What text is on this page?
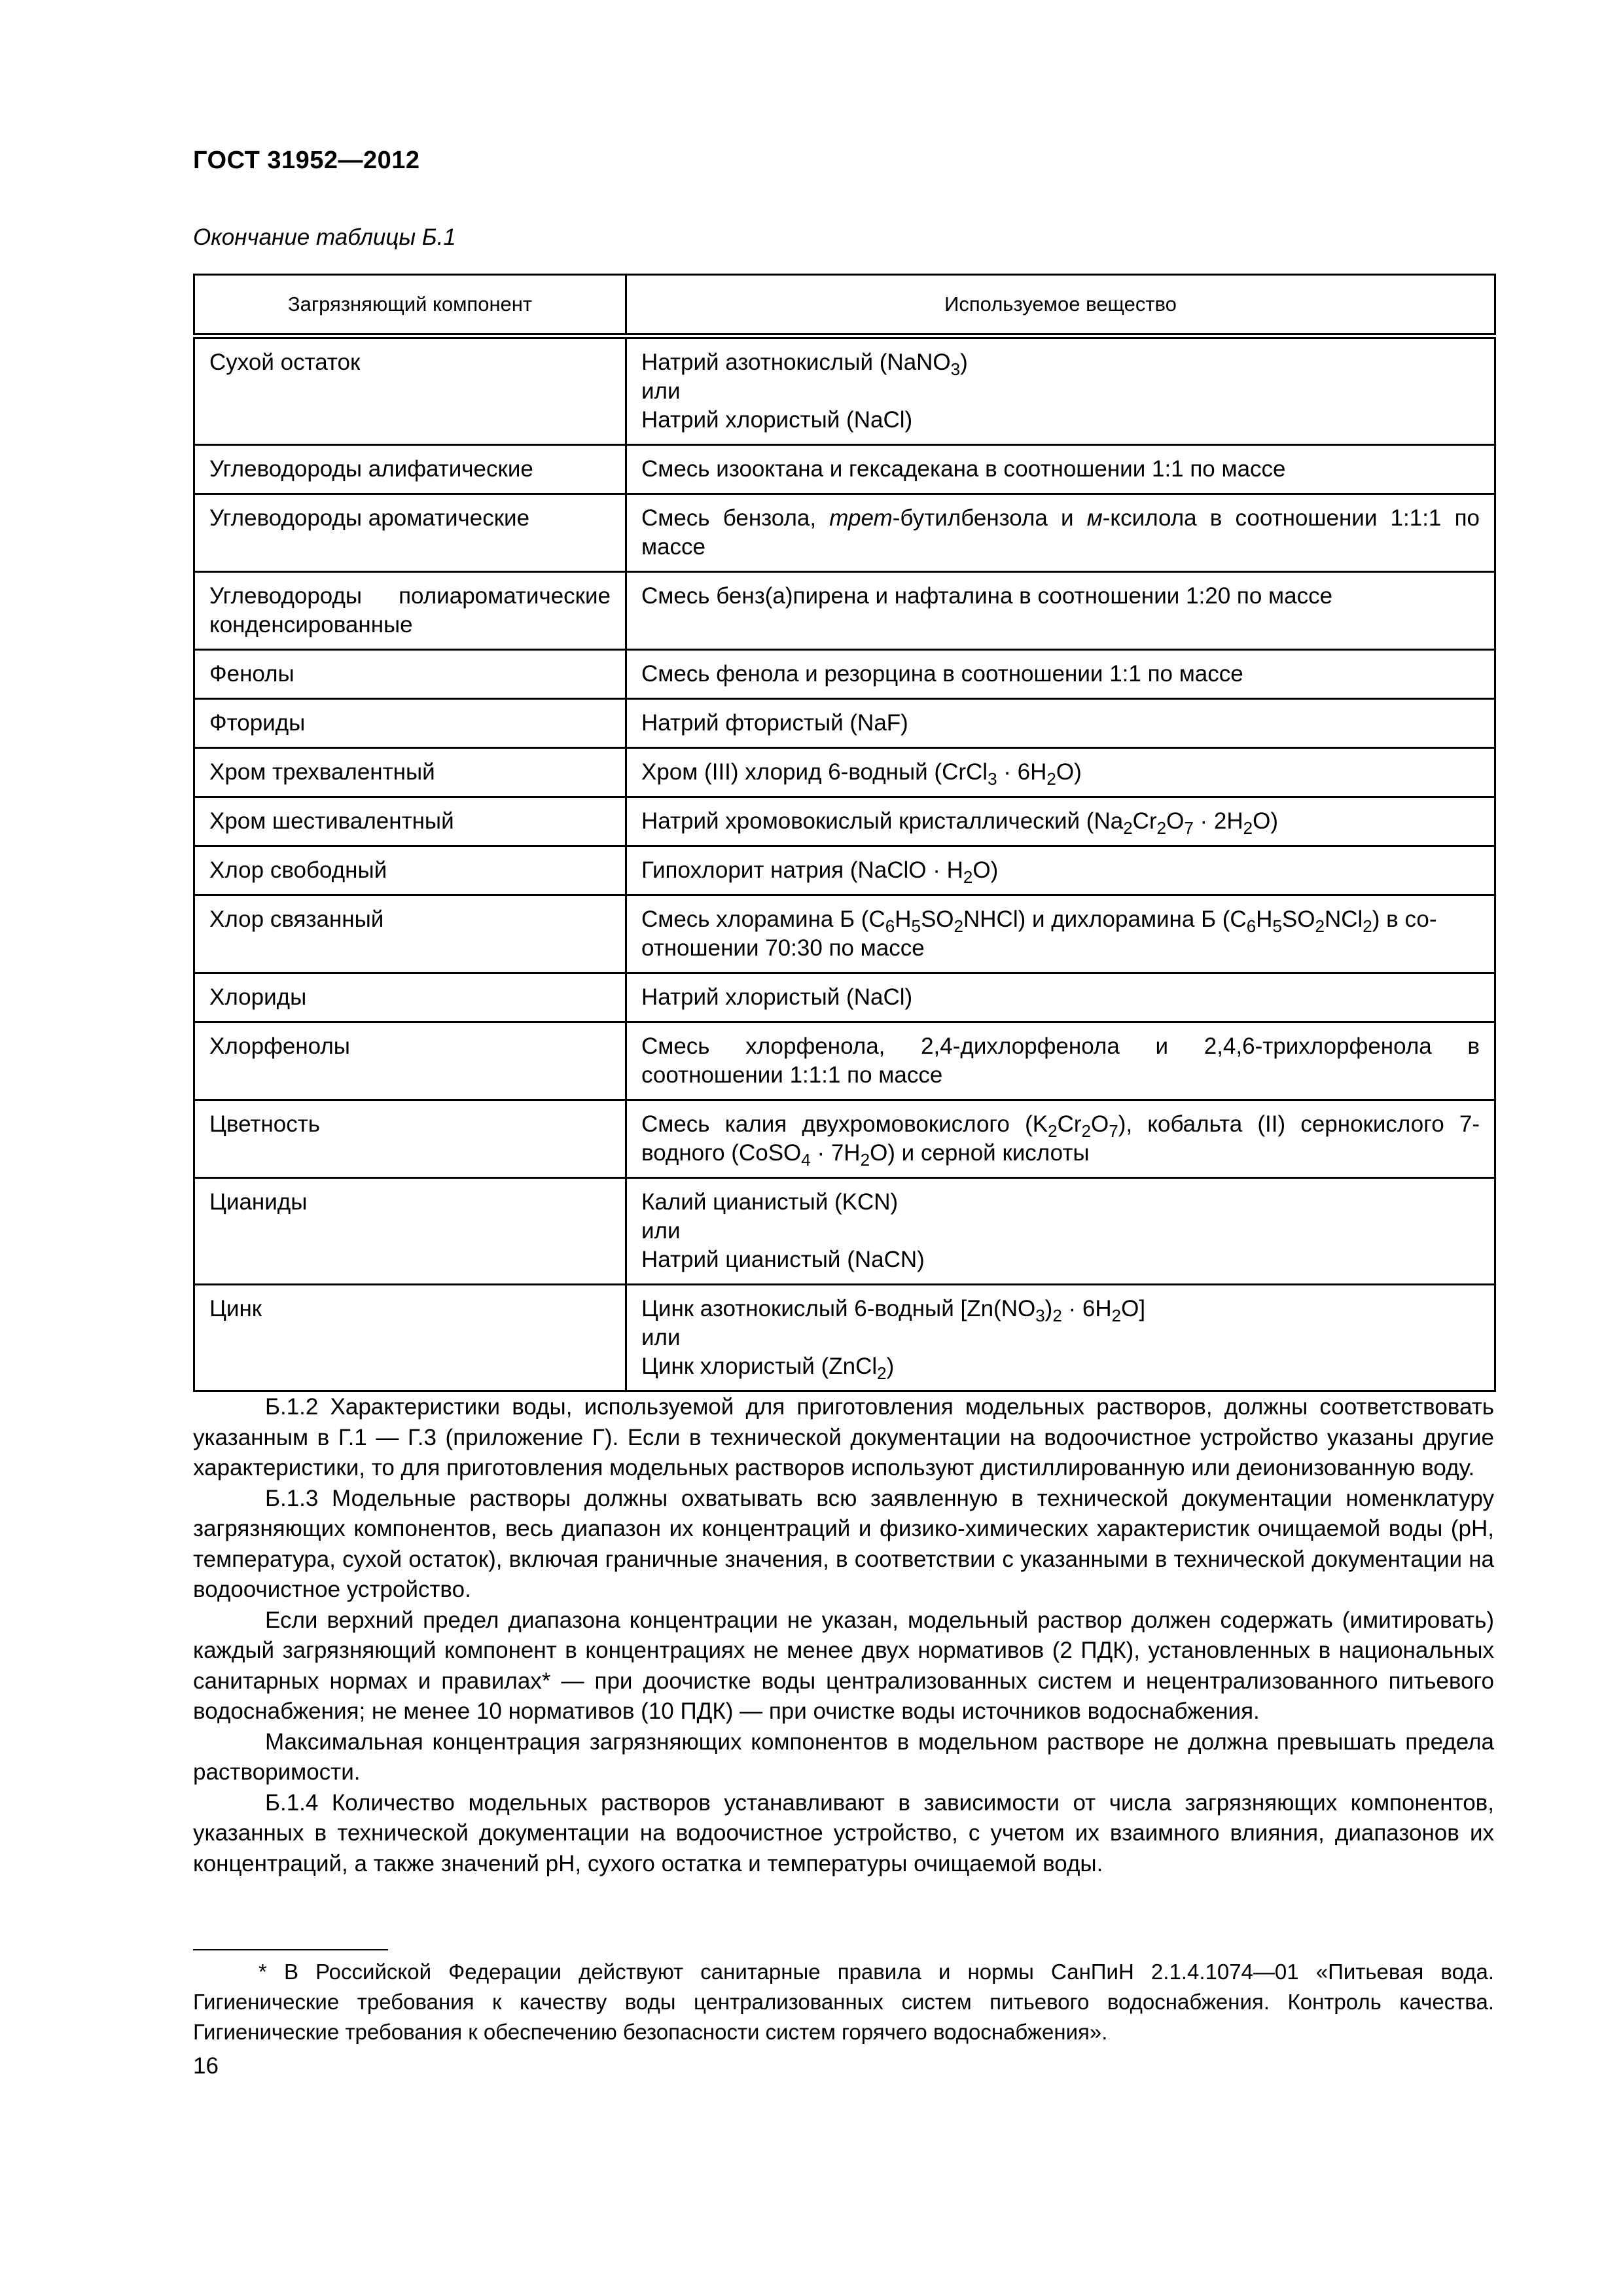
ГОСТ 31952—2012
Окончание таблицы Б.1
Загрязняющий компонент	Используемое вещество
Сухой остаток	Натрий азотнокислый (NaNO$_3$)
или
Натрий хлористый (NaCl)

Углеводороды алифатические	Смесь изооктана и гексадекана в соотношении 1:1 по массе
Углеводороды ароматические	Смесь бензола, трет-бутилбензола и м-ксилола в соотношении 1:1:1 по массе
Углеводороды полиароматические конденсированные	Смесь бенз(а)пирена и нафталина в соотношении 1:20 по массе
Фенолы	Смесь фенола и резорцина в соотношении 1:1 по массе
Фториды	Натрий фтористый (NaF)
Хром трехвалентный	Хром (III) хлорид 6-водный (CrCl$_3$ · $6H_2O$)
Хром шестивалентный	Натрий хромовокислый кристаллический $(Na_2Cr_2O_7 \cdot 2H_2O)$
Хлор свободный	Гипохлорит натрия (NaClO · $H_2O$)
Хлор связанный	Смесь хлорамина Б $(C_6H_5SO_2NHCl)$ и дихлорамина Б $(C_6H_5SO_2NCl_2)$ в со-
отношении 70:30 по массе

Хлориды	Натрий хлористый (NaCl)
Хлорфенолы	Смесь хлорфенола, 2,4-дихлорфенола и 2,4,6-трихлорфенола в соотношении 1:1:1 по массе
Цветность	Смесь калия двухромовокислого $(K_2Cr_2O_7)$, кобальта (II) сернокислого 7-водного (CoSO$_4$ · $7H_2O$) и серной кислоты
Цианиды	Калий цианистый (KCN)
или
Натрий цианистый (NaCN)

Цинк	Цинк азотнокислый 6-водный $[Zn(NO_3)_2 \cdot 6H_2O]$
или
Цинк хлористый (ZnCl$_2$)

Б.1.2 Характеристики воды, используемой для приготовления модельных растворов, должны соответствовать указанным в Г.1 — Г.3 (приложение Г). Если в технической документации на водоочистное устройство указаны другие характеристики, то для приготовления модельных растворов используют дистиллированную или деионизованную воду.

Б.1.3 Модельные растворы должны охватывать всю заявленную в технической документации номенклатуру загрязняющих компонентов, весь диапазон их концентраций и физико-химических характеристик очищаемой воды (pH, температура, сухой остаток), включая граничные значения, в соответствии с указанными в технической документации на водоочистное устройство.

Если верхний предел диапазона концентрации не указан, модельный раствор должен содержать (имитировать) каждый загрязняющий компонент в концентрациях не менее двух нормативов (2 ПДК), установленных в национальных санитарных нормах и правилах* — при доочистке воды централизованных систем и нецентрализованного питьевого водоснабжения; не менее 10 нормативов (10 ПДК) — при очистке воды источников водоснабжения.

Максимальная концентрация загрязняющих компонентов в модельном растворе не должна превышать предела растворимости.

Б.1.4 Количество модельных растворов устанавливают в зависимости от числа загрязняющих компонентов, указанных в технической документации на водоочистное устройство, с учетом их взаимного влияния, диапазонов их концентраций, а также значений pH, сухого остатка и температуры очищаемой воды.

* В Российской Федерации действуют санитарные правила и нормы СанПиН 2.1.4.1074—01 «Питьевая вода. Гигиенические требования к качеству воды централизованных систем питьевого водоснабжения. Контроль качества. Гигиенические требования к обеспечению безопасности систем горячего водоснабжения».
16
